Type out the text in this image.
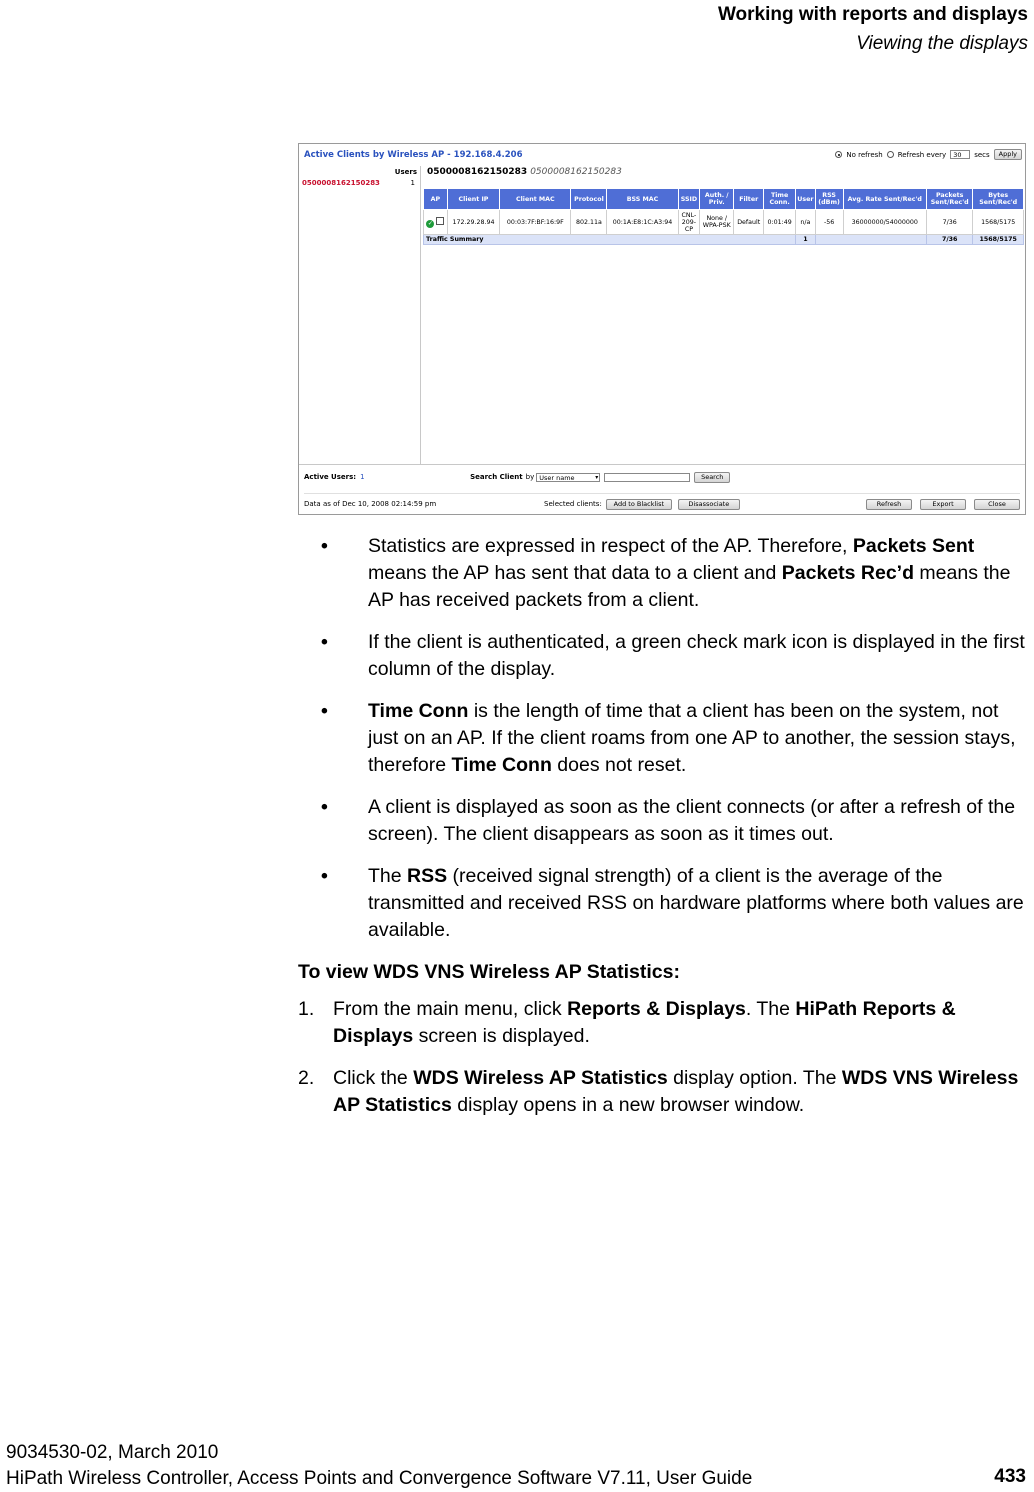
Working with reports and displays
Viewing the displays
Active Clients by Wireless AP - 192.168.4.206	No refresh Refresh every	30	secs	Apply
Users
0500008162150283	1
0500008162150283 0500008162150283
AP	Client IP	Client MAC	Protocol	BSS MAC	SSID	Auth. / Priv.	Filter	Time Conn.	User	RSS (dBm)	Avg. Rate Sent/Rec'd	Packets Sent/Rec'd	Bytes Sent/Rec'd
✓	172.29.28.94	00:03:7F:BF:16:9F	802.11a	00:1A:E8:1C:A3:94	CNL-209-CP	None / WPA-PSK	Default	0:01:49	n/a	-56	36000000/54000000	7/36	1568/5175
Traffic Summary									1			7/36	1568/5175
Active Users: 1	Search Client by User name	▾	Search
Data as of Dec 10, 2008 02:14:59 pm	Selected clients:	Add to Blacklist	Disassociate	Refresh	Export	Close
• Statistics are expressed in respect of the AP. Therefore, Packets Sent means the AP has sent that data to a client and Packets Rec’d means the AP has received packets from a client.
• If the client is authenticated, a green check mark icon is displayed in the first column of the display.
• Time Conn is the length of time that a client has been on the system, not just on an AP. If the client roams from one AP to another, the session stays, therefore Time Conn does not reset.
• A client is displayed as soon as the client connects (or after a refresh of the screen). The client disappears as soon as it times out.
• The RSS (received signal strength) of a client is the average of the transmitted and received RSS on hardware platforms where both values are available.
To view WDS VNS Wireless AP Statistics:
1. From the main menu, click Reports & Displays. The HiPath Reports & Displays screen is displayed.
2. Click the WDS Wireless AP Statistics display option. The WDS VNS Wireless AP Statistics display opens in a new browser window.
9034530-02, March 2010
HiPath Wireless Controller, Access Points and Convergence Software V7.11, User Guide	433
